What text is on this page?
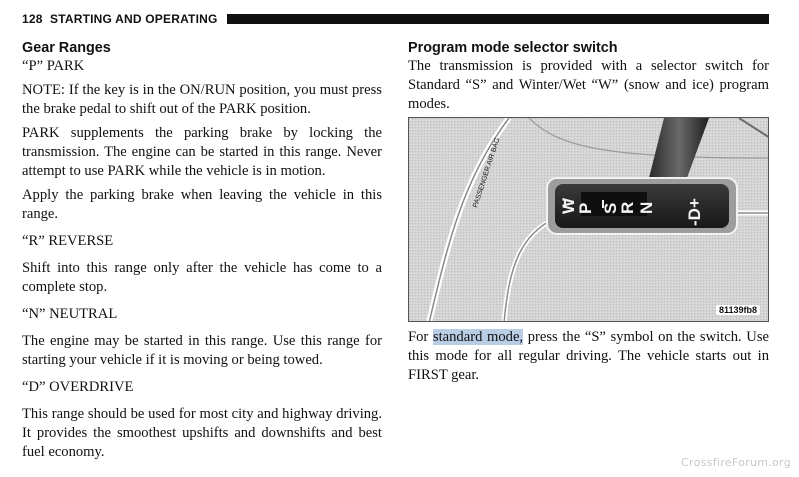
128 STARTING AND OPERATING
Gear Ranges

“P” PARK

NOTE: If the key is in the ON/RUN position, you must press the brake pedal to shift out of the PARK position.

PARK supplements the parking brake by locking the transmission. The engine can be started in this range. Never attempt to use PARK while the vehicle is in motion.

Apply the parking brake when leaving the vehicle in this range.

“R” REVERSE

Shift into this range only after the vehicle has come to a complete stop.

“N” NEUTRAL

The engine may be started in this range. Use this range for starting your vehicle if it is moving or being towed.

“D” OVERDRIVE

This range should be used for most city and highway driving. It provides the smoothest upshifts and downshifts and best fuel economy.

Program mode selector switch

The transmission is provided with a selector switch for Standard “S” and Winter/Wet “W” (snow and ice) program modes.

W
P S
R N -D+
PASSENGER AIR BAG
81139fb8

For standard mode, press the “S” symbol on the switch. Use this mode for all regular driving. The vehicle starts out in FIRST gear.

CrossfireForum.org
